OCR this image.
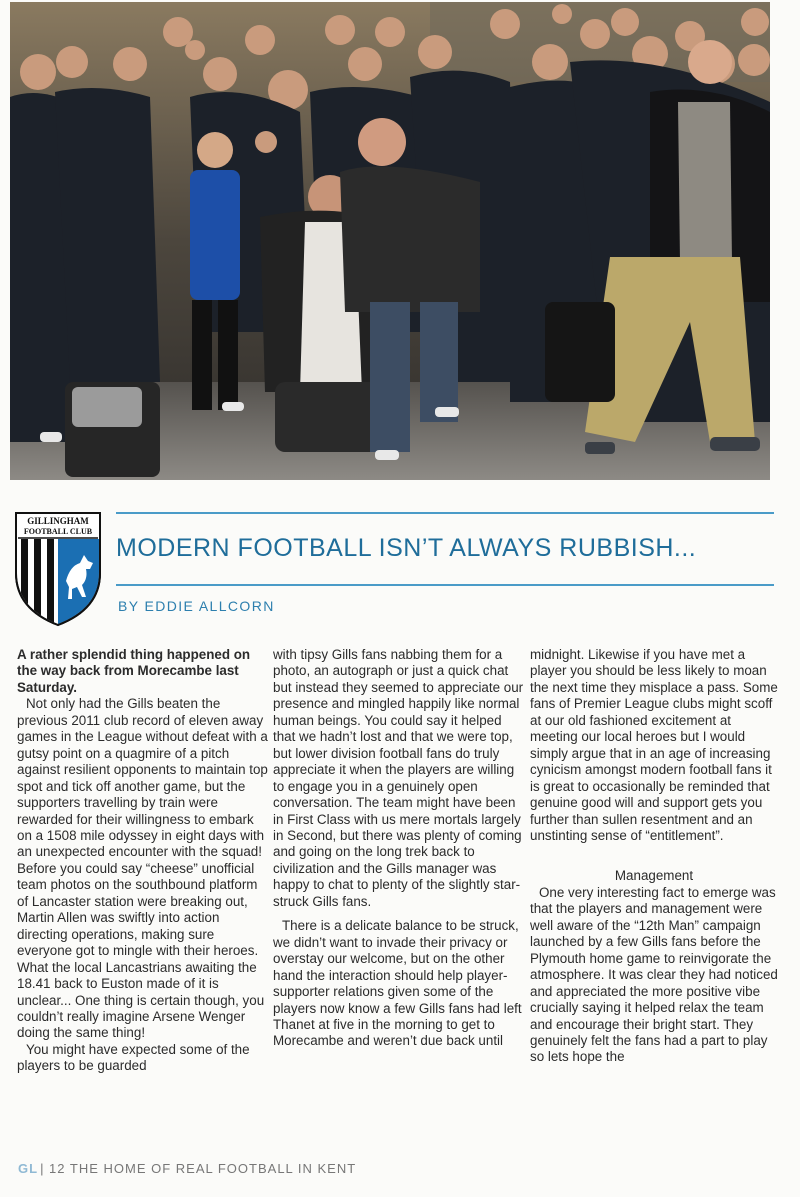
GILLINGHAM
FOOTBALL CLUB
MODERN FOOTBALL ISN’T ALWAYS RUBBISH...
BY EDDIE ALLCORN

A rather splendid thing happened on the way back from Morecambe last Saturday.

Not only had the Gills beaten the previous 2011 club record of eleven away games in the League without defeat with a gutsy point on a quagmire of a pitch against resilient opponents to maintain top spot and tick off another game, but the supporters travelling by train were rewarded for their willingness to embark on a 1508 mile odyssey in eight days with an unexpected encounter with the squad! Before you could say “cheese” unofficial team photos on the southbound platform of Lancaster station were breaking out, Martin Allen was swiftly into action directing operations, making sure everyone got to mingle with their heroes. What the local Lancastrians awaiting the 18.41 back to Euston made of it is unclear... One thing is certain though, you couldn’t really imagine Arsene Wenger doing the same thing!

You might have expected some of the players to be guarded

with tipsy Gills fans nabbing them for a photo, an autograph or just a quick chat but instead they seemed to appreciate our presence and mingled happily like normal human beings. You could say it helped that we hadn’t lost and that we were top, but lower division football fans do truly appreciate it when the players are willing to engage you in a genuinely open conversation. The team might have been in First Class with us mere mortals largely in Second, but there was plenty of coming and going on the long trek back to civilization and the Gills manager was happy to chat to plenty of the slightly star-struck Gills fans.

There is a delicate balance to be struck, we didn’t want to invade their privacy or overstay our welcome, but on the other hand the interaction should help player-supporter relations given some of the players now know a few Gills fans had left Thanet at five in the morning to get to Morecambe and weren’t due back until

midnight. Likewise if you have met a player you should be less likely to moan the next time they misplace a pass. Some fans of Premier League clubs might scoff at our old fashioned excitement at meeting our local heroes but I would simply argue that in an age of increasing cynicism amongst modern football fans it is great to occasionally be reminded that genuine good will and support gets you further than sullen resentment and an unstinting sense of “entitlement”.

Management

One very interesting fact to emerge was that the players and management were well aware of the “12th Man” campaign launched by a few Gills fans before the Plymouth home game to reinvigorate the atmosphere. It was clear they had noticed and appreciated the more positive vibe crucially saying it helped relax the team and encourage their bright start. They genuinely felt the fans had a part to play so lets hope the

GL | 12 THE HOME OF REAL FOOTBALL IN KENT
